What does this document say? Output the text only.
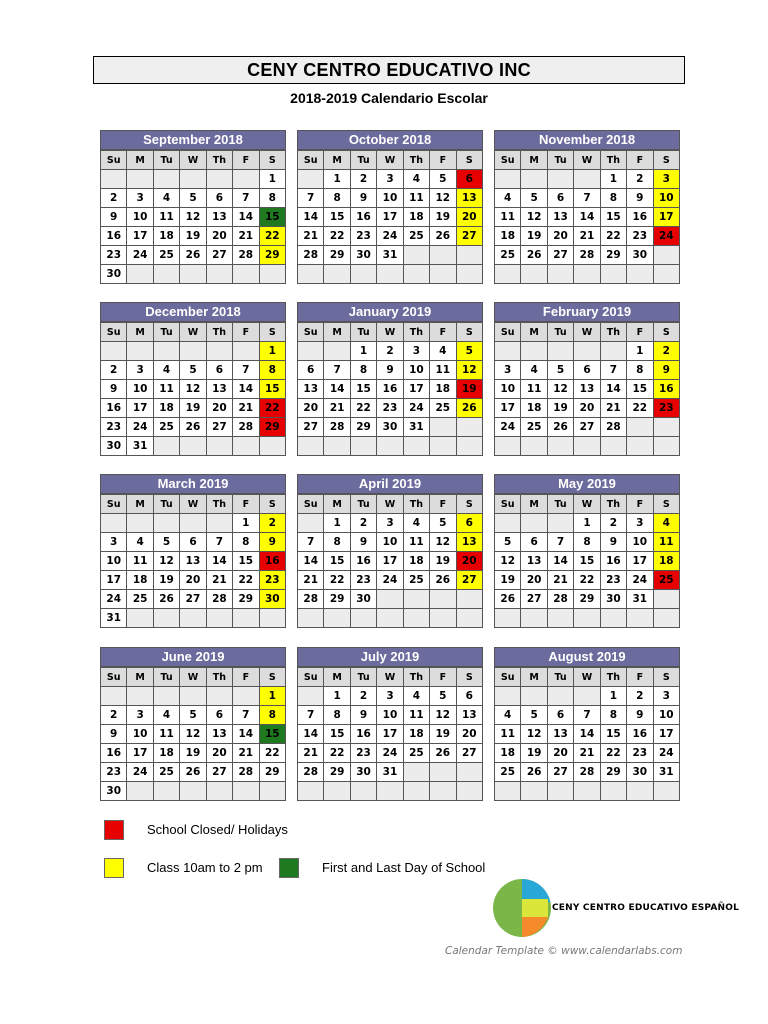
CENY CENTRO EDUCATIVO INC
2018-2019 Calendario Escolar
September 2018
Su	M	Tu	W	Th	F	S
						1
2	3	4	5	6	7	8
9	10	11	12	13	14	15
16	17	18	19	20	21	22
23	24	25	26	27	28	29
30						
October 2018
Su	M	Tu	W	Th	F	S
	1	2	3	4	5	6
7	8	9	10	11	12	13
14	15	16	17	18	19	20
21	22	23	24	25	26	27
28	29	30	31			

November 2018
Su	M	Tu	W	Th	F	S
				1	2	3
4	5	6	7	8	9	10
11	12	13	14	15	16	17
18	19	20	21	22	23	24
25	26	27	28	29	30	

December 2018
Su	M	Tu	W	Th	F	S
						1
2	3	4	5	6	7	8
9	10	11	12	13	14	15
16	17	18	19	20	21	22
23	24	25	26	27	28	29
30	31					
January 2019
Su	M	Tu	W	Th	F	S
		1	2	3	4	5
6	7	8	9	10	11	12
13	14	15	16	17	18	19
20	21	22	23	24	25	26
27	28	29	30	31		

February 2019
Su	M	Tu	W	Th	F	S
					1	2
3	4	5	6	7	8	9
10	11	12	13	14	15	16
17	18	19	20	21	22	23
24	25	26	27	28		

March 2019
Su	M	Tu	W	Th	F	S
					1	2
3	4	5	6	7	8	9
10	11	12	13	14	15	16
17	18	19	20	21	22	23
24	25	26	27	28	29	30
31						
April 2019
Su	M	Tu	W	Th	F	S
	1	2	3	4	5	6
7	8	9	10	11	12	13
14	15	16	17	18	19	20
21	22	23	24	25	26	27
28	29	30				

May 2019
Su	M	Tu	W	Th	F	S
			1	2	3	4
5	6	7	8	9	10	11
12	13	14	15	16	17	18
19	20	21	22	23	24	25
26	27	28	29	30	31	

June 2019
Su	M	Tu	W	Th	F	S
						1
2	3	4	5	6	7	8
9	10	11	12	13	14	15
16	17	18	19	20	21	22
23	24	25	26	27	28	29
30						
July 2019
Su	M	Tu	W	Th	F	S
	1	2	3	4	5	6
7	8	9	10	11	12	13
14	15	16	17	18	19	20
21	22	23	24	25	26	27
28	29	30	31			

August 2019
Su	M	Tu	W	Th	F	S
				1	2	3
4	5	6	7	8	9	10
11	12	13	14	15	16	17
18	19	20	21	22	23	24
25	26	27	28	29	30	31

School Closed/ Holidays
Class 10am to 2 pm	First and Last Day of School
CENY CENTRO EDUCATIVO ESPAÑOL
Calendar Template © www.calendarlabs.com
